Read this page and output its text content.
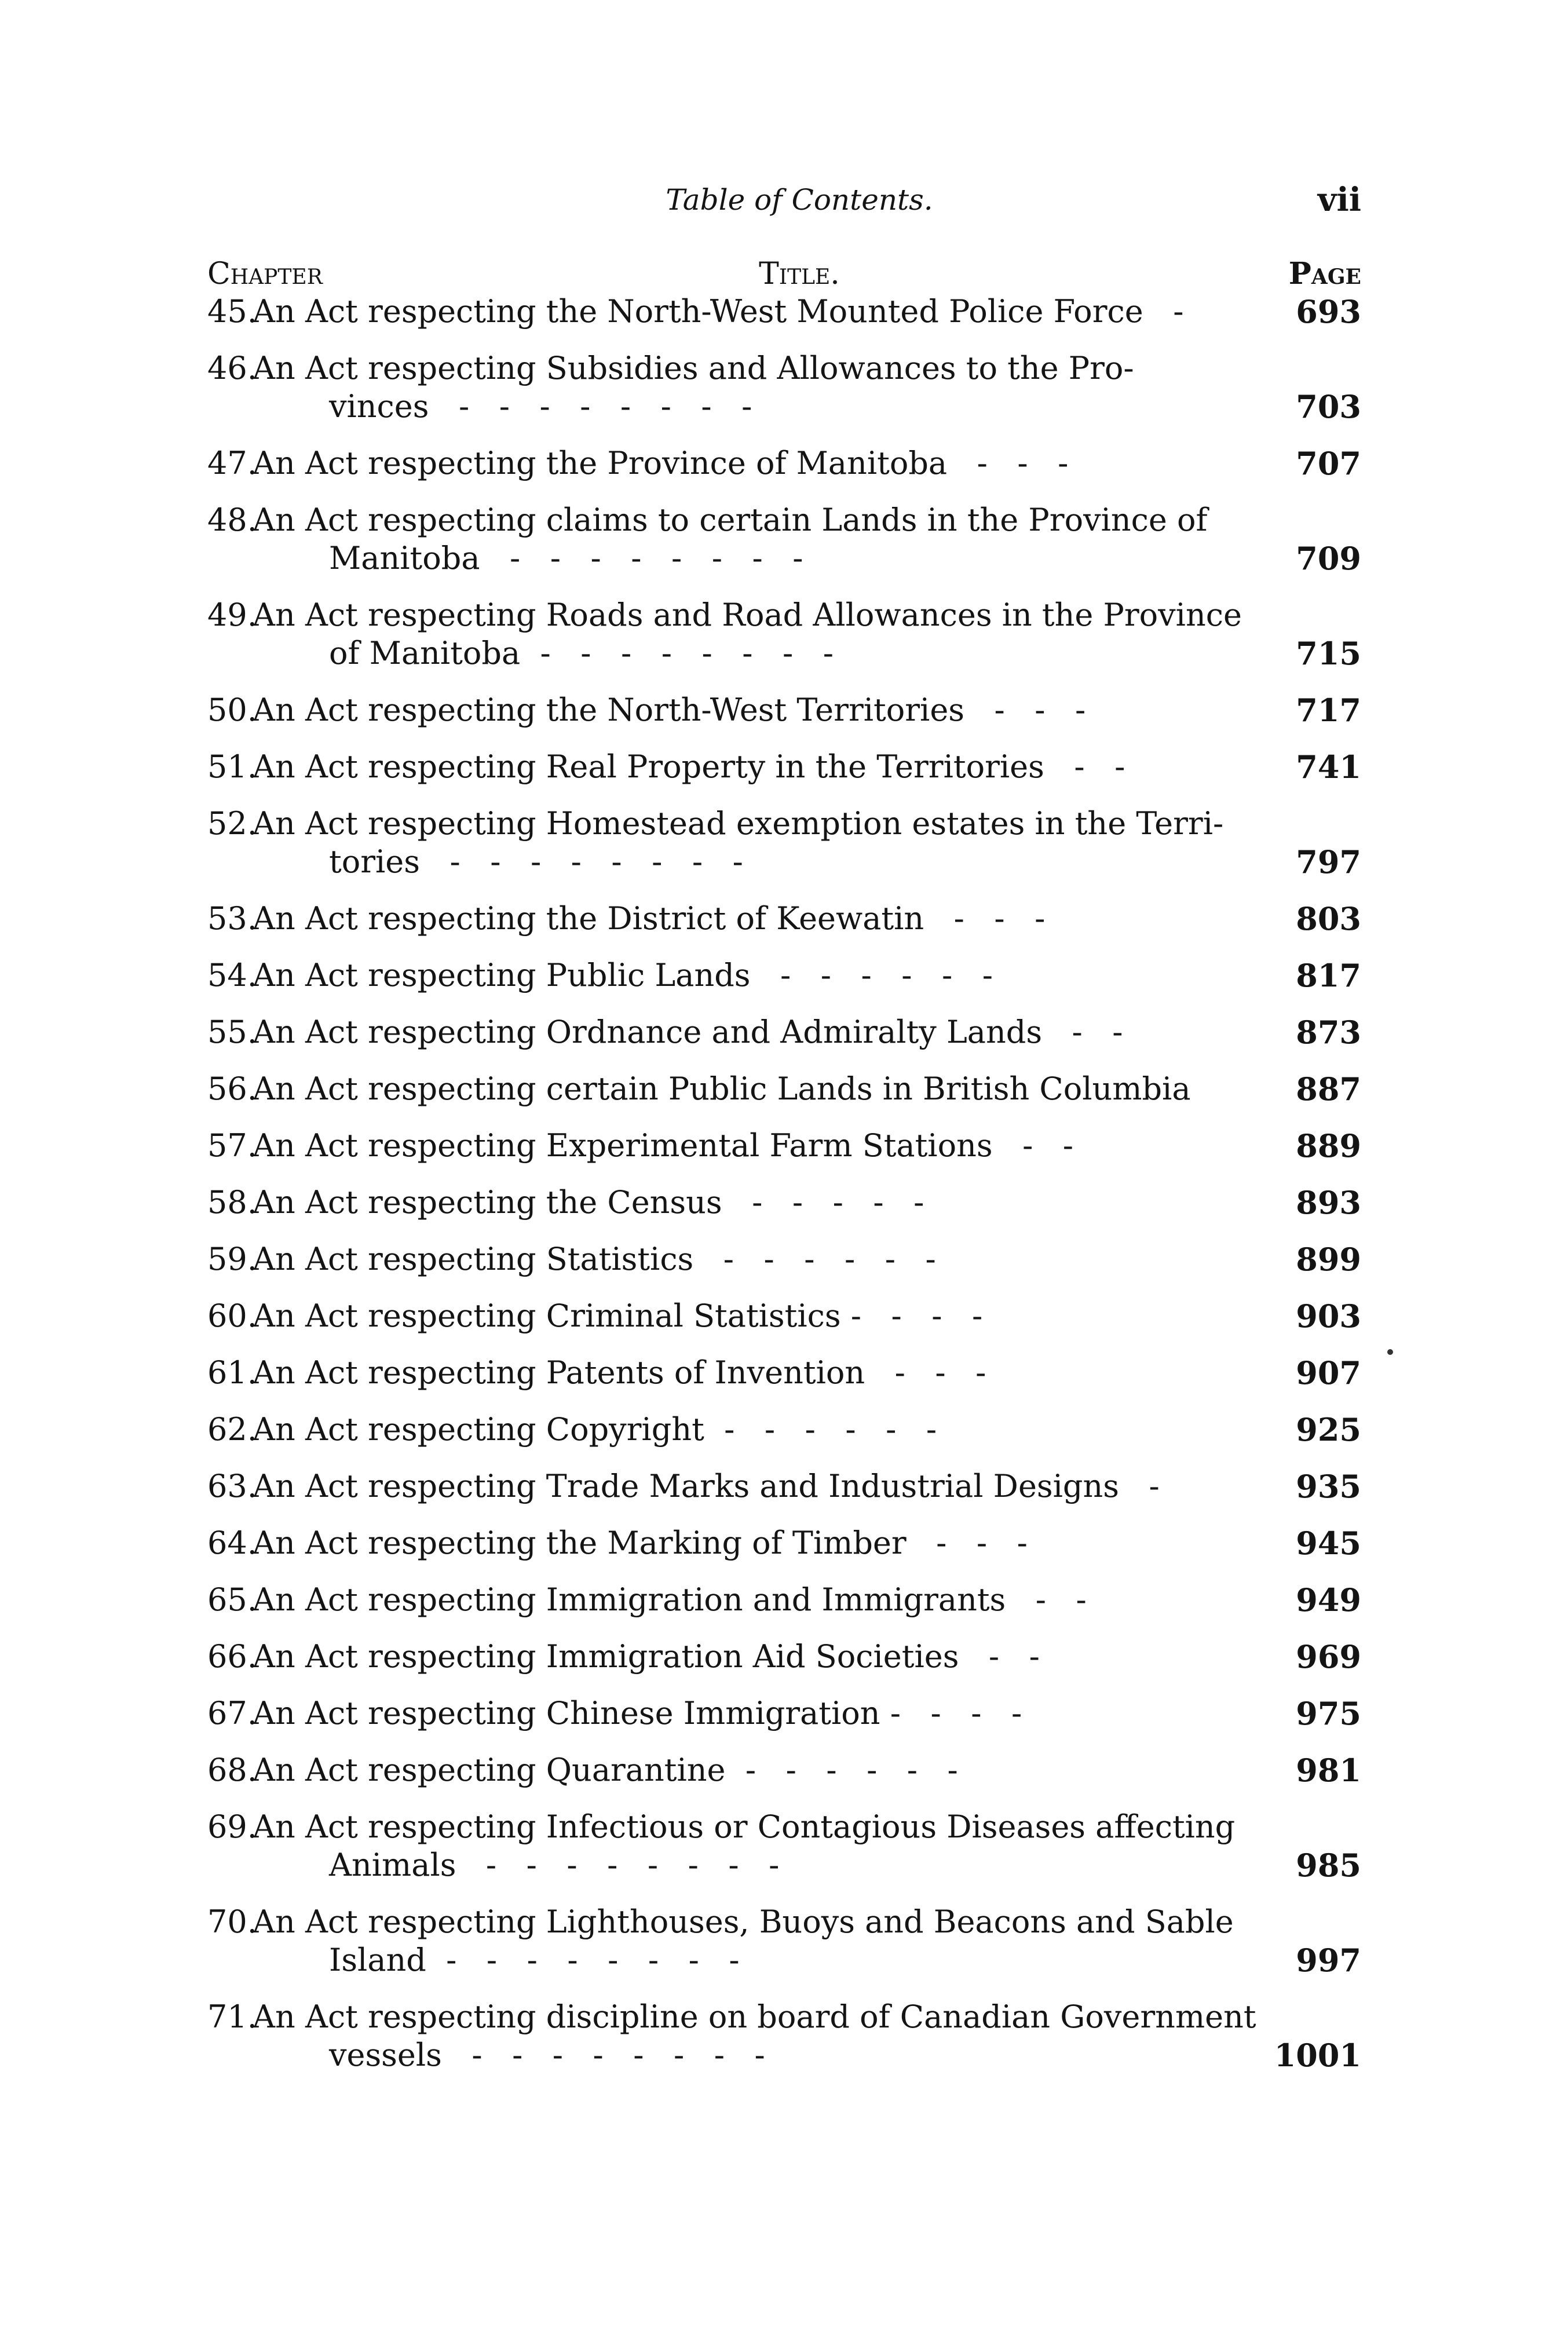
Table of Contents.	vii
Chapter	Title.	Page
45.
An Act respecting the North-West Mounted Police Force   -	693
46.
An Act respecting Subsidies and Allowances to the Pro-
vinces   -   -   -   -   -   -   -   -	703
47.
An Act respecting the Province of Manitoba   -   -   -	707
48.
An Act respecting claims to certain Lands in the Province of
Manitoba   -   -   -   -   -   -   -   -	709
49.
An Act respecting Roads and Road Allowances in the Province
of Manitoba  -   -   -   -   -   -   -   -	715
50.
An Act respecting the North-West Territories   -   -   -	717
51.
An Act respecting Real Property in the Territories   -   -	741
52.
An Act respecting Homestead exemption estates in the Terri-
tories   -   -   -   -   -   -   -   -	797
53.
An Act respecting the District of Keewatin   -   -   -	803
54.
An Act respecting Public Lands   -   -   -   -   -   -	817
55.
An Act respecting Ordnance and Admiralty Lands   -   -	873
56.
An Act respecting certain Public Lands in British Columbia	887
57.
An Act respecting Experimental Farm Stations   -   -	889
58.
An Act respecting the Census   -   -   -   -   -	893
59.
An Act respecting Statistics   -   -   -   -   -   -	899
60.
An Act respecting Criminal Statistics -   -   -   -	903
61.
An Act respecting Patents of Invention   -   -   -	907
62.
An Act respecting Copyright  -   -   -   -   -   -	925
63.
An Act respecting Trade Marks and Industrial Designs   -	935
64.
An Act respecting the Marking of Timber   -   -   -	945
65.
An Act respecting Immigration and Immigrants   -   -	949
66.
An Act respecting Immigration Aid Societies   -   -	969
67.
An Act respecting Chinese Immigration -   -   -   -	975
68.
An Act respecting Quarantine  -   -   -   -   -   -	981
69.
An Act respecting Infectious or Contagious Diseases affecting
Animals   -   -   -   -   -   -   -   -	985
70.
An Act respecting Lighthouses, Buoys and Beacons and Sable
Island  -   -   -   -   -   -   -   -	997
71.
An Act respecting discipline on board of Canadian Government
vessels   -   -   -   -   -   -   -   -	1001
